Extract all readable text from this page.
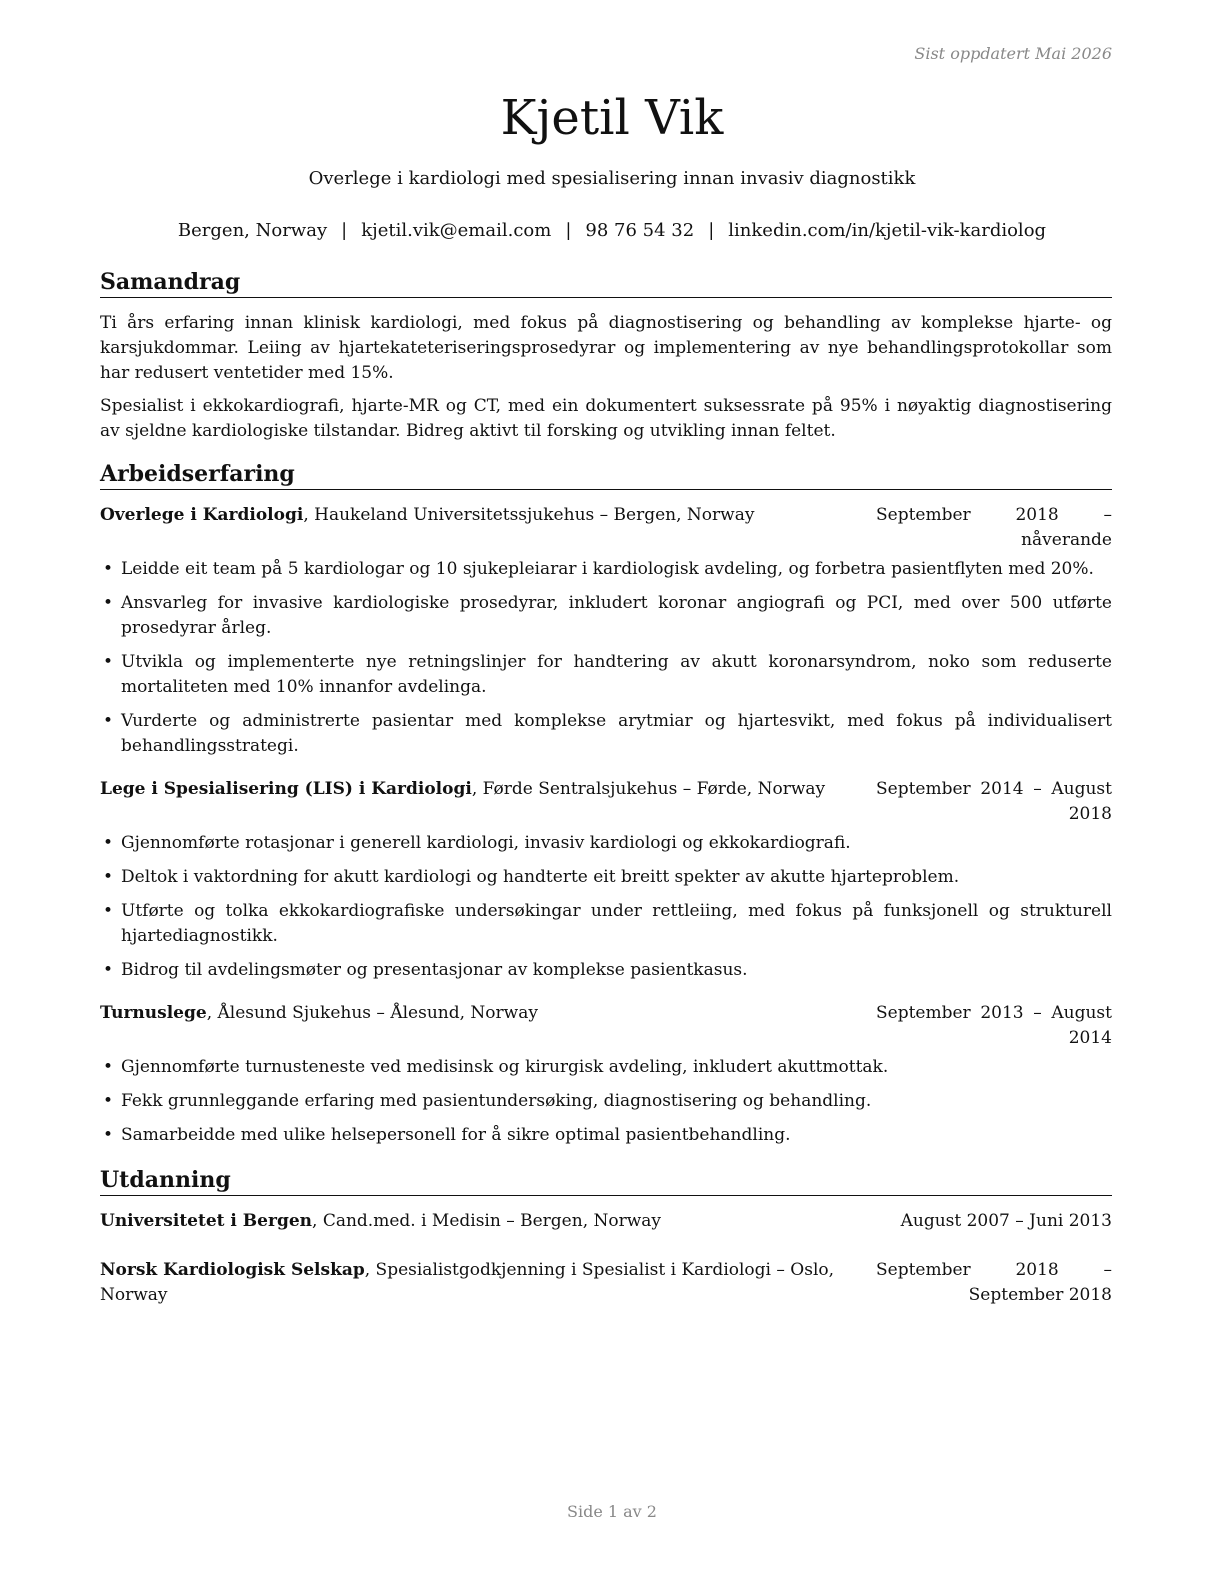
Sist oppdatert Mai 2026
Kjetil Vik
Overlege i kardiologi med spesialisering innan invasiv diagnostikk
Bergen, Norway | kjetil.vik@email.com | 98 76 54 32 | linkedin.com/in/kjetil-vik-kardiolog
Samandrag

Ti års erfaring innan klinisk kardiologi, med fokus på diagnostisering og behandling av komplekse hjarte- og karsjukdommar. Leiing av hjartekateteriseringsprosedyrar og implementering av nye behandlingsprotokollar som har redusert ventetider med 15%.

Spesialist i ekkokardiografi, hjarte-MR og CT, med ein dokumentert suksessrate på 95% i nøyaktig diagnostisering av sjeldne kardiologiske tilstandar. Bidreg aktivt til forsking og utvikling innan feltet.

Arbeidserfaring
Overlege i Kardiologi, Haukeland Universitetssjukehus – Bergen, Norway	September 2018 – nåverande
• Leidde eit team på 5 kardiologar og 10 sjukepleiarar i kardiologisk avdeling, og forbetra pasientflyten med 20%.
• Ansvarleg for invasive kardiologiske prosedyrar, inkludert koronar angiografi og PCI, med over 500 utførte prosedyrar årleg.
• Utvikla og implementerte nye retningslinjer for handtering av akutt koronarsyndrom, noko som reduserte mortaliteten med 10% innanfor avdelinga.
• Vurderte og administrerte pasientar med komplekse arytmiar og hjartesvikt, med fokus på individualisert behandlingsstrategi.
Lege i Spesialisering (LIS) i Kardiologi, Førde Sentralsjukehus – Førde, Norway	September 2014 – August 2018
• Gjennomførte rotasjonar i generell kardiologi, invasiv kardiologi og ekkokardiografi.
• Deltok i vaktordning for akutt kardiologi og handterte eit breitt spekter av akutte hjarteproblem.
• Utførte og tolka ekkokardiografiske undersøkingar under rettleiing, med fokus på funksjonell og strukturell hjartediagnostikk.
• Bidrog til avdelingsmøter og presentasjonar av komplekse pasientkasus.
Turnuslege, Ålesund Sjukehus – Ålesund, Norway	September 2013 – August 2014
• Gjennomførte turnusteneste ved medisinsk og kirurgisk avdeling, inkludert akuttmottak.
• Fekk grunnleggande erfaring med pasientundersøking, diagnostisering og behandling.
• Samarbeidde med ulike helsepersonell for å sikre optimal pasientbehandling.
Utdanning
Universitetet i Bergen, Cand.med. i Medisin – Bergen, Norway	August 2007 – Juni 2013
Norsk Kardiologisk Selskap, Spesialistgodkjenning i Spesialist i Kardiologi – Oslo, Norway
September 2018 – September 2018
Side 1 av 2
